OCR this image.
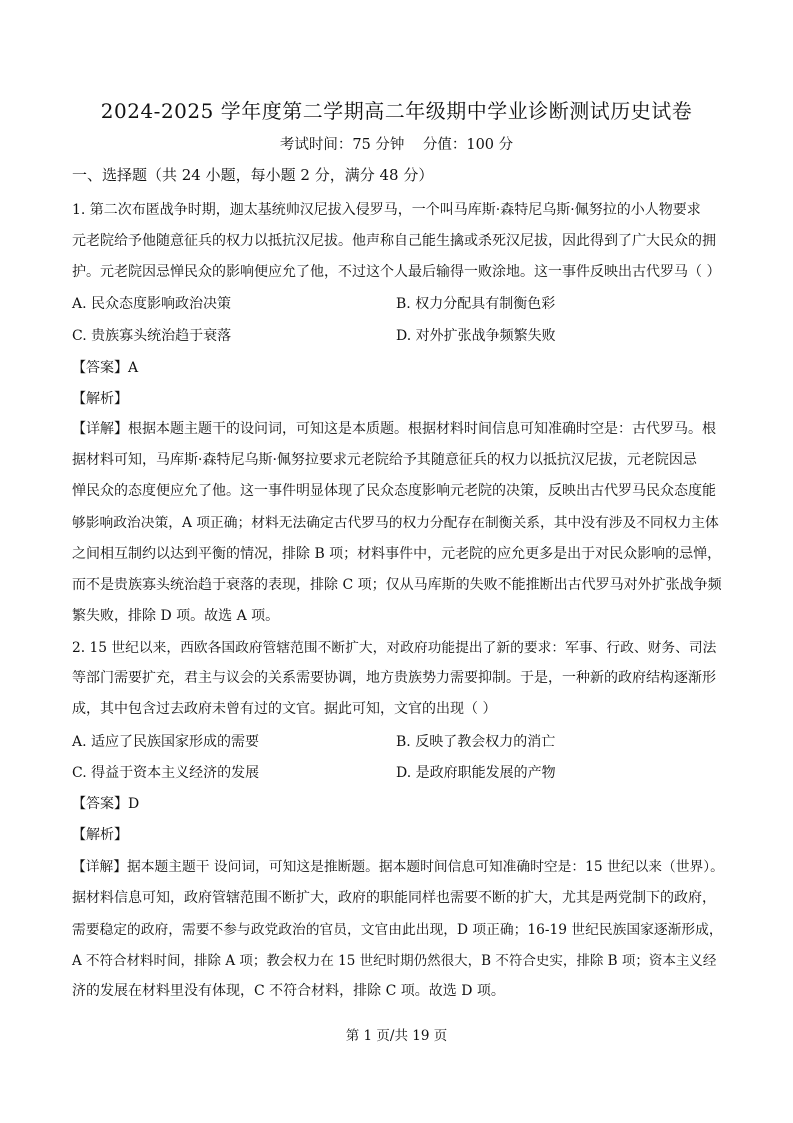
2024-2025 学年度第二学期高二年级期中学业诊断测试历史试卷
考试时间：75 分钟    分值：100 分
一、选择题（共 24 小题，每小题 2 分，满分 48 分）
1. 第二次布匿战争时期，迦太基统帅汉尼拔入侵罗马，一个叫马库斯·森特尼乌斯·佩努拉的小人物要求
元老院给予他随意征兵的权力以抵抗汉尼拔。他声称自己能生擒或杀死汉尼拔，因此得到了广大民众的拥
护。元老院因忌惮民众的影响便应允了他，不过这个人最后输得一败涂地。这一事件反映出古代罗马（ ）
A. 民众态度影响政治决策	B. 权力分配具有制衡色彩
C. 贵族寡头统治趋于衰落	D. 对外扩张战争频繁失败
【答案】A
【解析】
【详解】根据本题主题干的设问词，可知这是本质题。根据材料时间信息可知准确时空是：古代罗马。根
据材料可知，马库斯·森特尼乌斯·佩努拉要求元老院给予其随意征兵的权力以抵抗汉尼拔，元老院因忌
惮民众的态度便应允了他。这一事件明显体现了民众态度影响元老院的决策，反映出古代罗马民众态度能
够影响政治决策，A 项正确；材料无法确定古代罗马的权力分配存在制衡关系，其中没有涉及不同权力主体
之间相互制约以达到平衡的情况，排除 B 项；材料事件中，元老院的应允更多是出于对民众影响的忌惮，
而不是贵族寡头统治趋于衰落的表现，排除 C 项；仅从马库斯的失败不能推断出古代罗马对外扩张战争频
繁失败，排除 D 项。故选 A 项。
2. 15 世纪以来，西欧各国政府管辖范围不断扩大，对政府功能提出了新的要求：军事、行政、财务、司法
等部门需要扩充，君主与议会的关系需要协调，地方贵族势力需要抑制。于是，一种新的政府结构逐渐形
成，其中包含过去政府未曾有过的文官。据此可知，文官的出现（ ）
A. 适应了民族国家形成的需要	B. 反映了教会权力的消亡
C. 得益于资本主义经济的发展	D. 是政府职能发展的产物
【答案】D
【解析】
【详解】据本题主题干 设问词，可知这是推断题。据本题时间信息可知准确时空是：15 世纪以来（世界）。
据材料信息可知，政府管辖范围不断扩大，政府的职能同样也需要不断的扩大，尤其是两党制下的政府，
需要稳定的政府，需要不参与政党政治的官员，文官由此出现，D 项正确；16-19 世纪民族国家逐渐形成，
A 不符合材料时间，排除 A 项；教会权力在 15 世纪时期仍然很大，B 不符合史实，排除 B 项；资本主义经
济的发展在材料里没有体现，C 不符合材料，排除 C 项。故选 D 项。
第 1 页/共 19 页
